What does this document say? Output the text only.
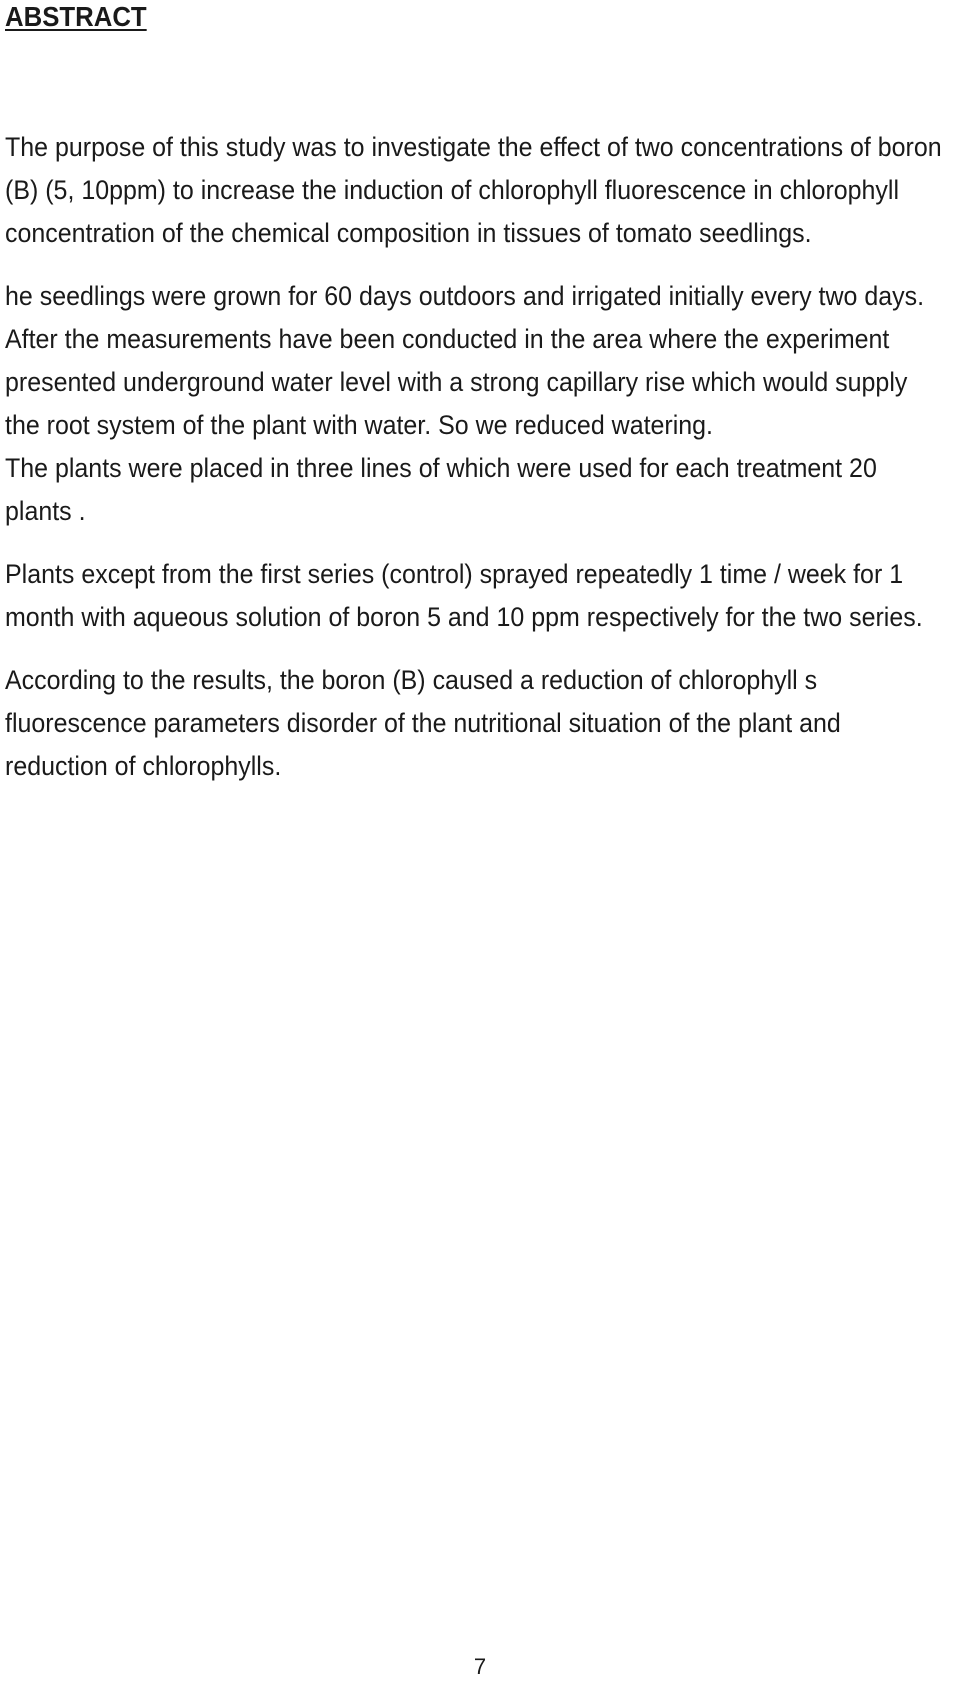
ABSTRACT

The purpose of this study was to investigate the effect of two concentrations of boron (B) (5, 10ppm) to increase the induction of chlorophyll fluorescence in chlorophyll concentration of the chemical composition in tissues of tomato seedlings.

he seedlings were grown for 60 days outdoors and irrigated initially every two days. After the measurements have been conducted in the area where the experiment presented underground water level with a strong capillary rise which would supply the root system of the plant with water. So we reduced watering.

The plants were placed in three lines of which were used for each treatment 20 plants .

Plants except from the first series (control) sprayed repeatedly 1 time / week for 1 month with aqueous solution of boron 5 and 10 ppm respectively for the two series.

According to the results, the boron (B) caused a reduction of chlorophyll s fluorescence parameters disorder of the nutritional situation of the plant and reduction of chlorophylls.

7
